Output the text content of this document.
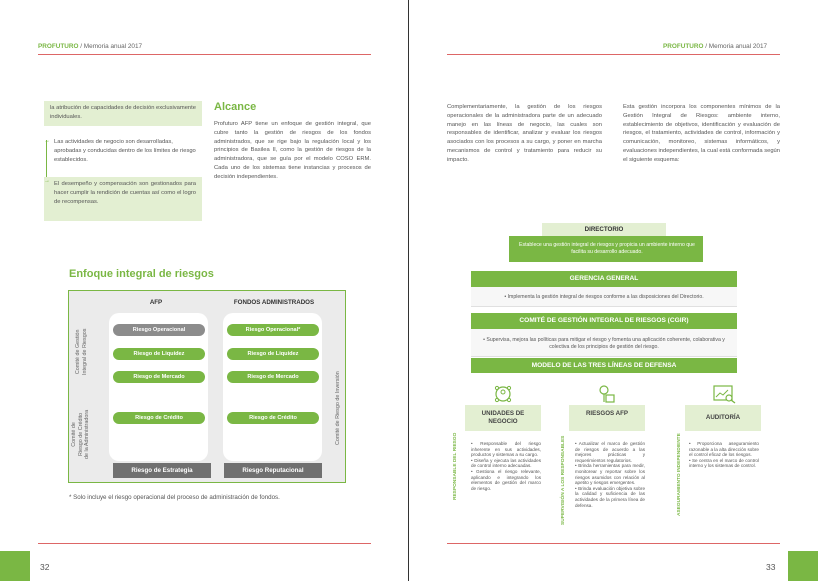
PROFUTURO / Memoria anual 2017
la atribución de capacidades de decisión exclusivamente individuales.
→ Las actividades de negocio son desarrolladas, aprobadas y conducidas dentro de los límites de riesgo establecidos.
→ El desempeño y compensación son gestionados para hacer cumplir la rendición de cuentas así como el logro de recompensas.
Alcance
Profuturo AFP tiene un enfoque de gestión integral, que cubre tanto la gestión de riesgos de los fondos administrados, que se rige bajo la regulación local y los principios de Basilea II, como la gestión de riesgos de la administradora, que se guía por el modelo COSO ERM. Cada uno de los sistemas tiene instancias y procesos de decisión independientes.
Enfoque integral de riesgos
AFP	FONDOS ADMINISTRADOS
Comité de Gestión
Integral de Riesgos
Comité de
Riesgo de Crédito
de la Administradora	Comité de Riesgo de Inversión
Riesgo Operacional
Riesgo de Liquidez
Riesgo de Mercado
Riesgo de Crédito
Riesgo Operacional*
Riesgo de Liquidez
Riesgo de Mercado
Riesgo de Crédito
Riesgo de Estrategia	Riesgo Reputacional
* Solo incluye el riesgo operacional del proceso de administración de fondos.
32
PROFUTURO / Memoria anual 2017
Complementariamente, la gestión de los riesgos operacionales de la administradora parte de un adecuado manejo en las líneas de negocio, las cuales son responsables de identificar, analizar y evaluar los riesgos asociados con los procesos a su cargo, y poner en marcha mecanismos de control y tratamiento para reducir su impacto.
Esta gestión incorpora los componentes mínimos de la Gestión Integral de Riesgos: ambiente interno, establecimiento de objetivos, identificación y evaluación de riesgos, el tratamiento, actividades de control, información y comunicación, monitoreo, sistemas informáticos, y evaluaciones independientes, la cual está conformada según el siguiente esquema:
DIRECTORIO
Establece una gestión integral de riesgos y propicia un ambiente interno que facilita su desarrollo adecuado.
GERENCIA GENERAL
• Implementa la gestión integral de riesgos conforme a las disposiciones del Directorio.
COMITÉ DE GESTIÓN INTEGRAL DE RIESGOS (CGIR)
• Supervisa, mejora las políticas para mitigar el riesgo y fomenta una aplicación coherente, colaborativa y colectiva de los principios de gestión del riesgo.
MODELO DE LAS TRES LÍNEAS DE DEFENSA
RESPONSABLE DEL RIESGO
UNIDADES DE NEGOCIO
• Responsable del riesgo inherente en sus actividades, productos y sistemas a su cargo.
• Diseña y ejecuta las actividades de control interno adecuadas.
• Gestiona el riesgo relevante, aplicando e integrando los elementos de gestión del marco de riesgo.	SUPERVISIÓN A LOS RESPONSABLES
RIESGOS AFP
• Actualizar el marco de gestión de riesgos de acuerdo a las mejores prácticas y requerimientos regulatorios.
• Brinda herramientas para medir, monitorear y reportar sobre los riesgos asumidos con relación al apetito y riesgos emergentes.
• Brinda evaluación objetiva sobre la calidad y suficiencia de las actividades de la primera línea de defensa.	ASEGURAMIENTO INDEPENDIENTE
AUDITORÍA
• Proporciona aseguramiento razonable a la alta dirección sobre el control eficaz de los riesgos.
• Se centra en el marco de control interno y los sistemas de control.
33
